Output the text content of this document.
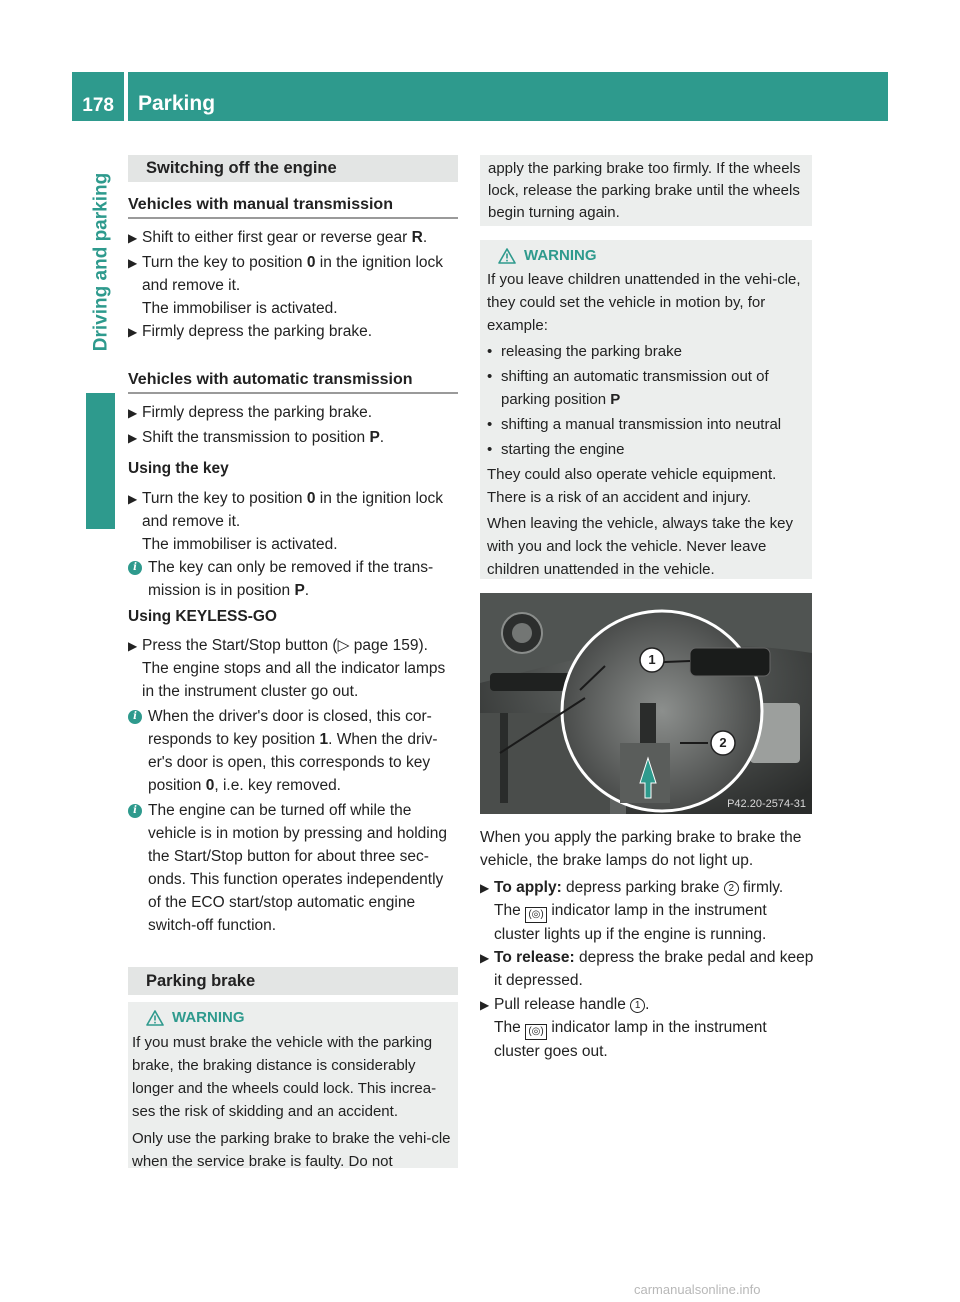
178	Parking
Driving and parking
Switching off the engine
Vehicles with manual transmission
▶ Shift to either first gear or reverse gear R.
▶ Turn the key to position 0 in the ignition lock and remove it.
The immobiliser is activated.
▶ Firmly depress the parking brake.
Vehicles with automatic transmission
▶ Firmly depress the parking brake.
▶ Shift the transmission to position P.
Using the key
▶ Turn the key to position 0 in the ignition lock and remove it.
The immobiliser is activated.
i The key can only be removed if the trans-mission is in position P.
Using KEYLESS-GO
▶ Press the Start/Stop button (▷ page 159).
The engine stops and all the indicator lamps in the instrument cluster go out.
i When the driver's door is closed, this cor-responds to key position 1. When the driv-er's door is open, this corresponds to key position 0, i.e. key removed.
i The engine can be turned off while the vehicle is in motion by pressing and holding the Start/Stop button for about three sec-onds. This function operates independently of the ECO start/stop automatic engine switch-off function.
Parking brake
WARNING
If you must brake the vehicle with the parking brake, the braking distance is considerably longer and the wheels could lock. This increa-ses the risk of skidding and an accident.
Only use the parking brake to brake the vehi-cle when the service brake is faulty. Do not
apply the parking brake too firmly. If the wheels lock, release the parking brake until the wheels begin turning again.
WARNING
If you leave children unattended in the vehi-cle, they could set the vehicle in motion by, for example:
• releasing the parking brake
• shifting an automatic transmission out of parking position P
• shifting a manual transmission into neutral
• starting the engine
They could also operate vehicle equipment. There is a risk of an accident and injury.
When leaving the vehicle, always take the key with you and lock the vehicle. Never leave children unattended in the vehicle.
1
2
P42.20-2574-31
When you apply the parking brake to brake the vehicle, the brake lamps do not light up.
▶ To apply: depress parking brake 2 firmly.
The (◎) indicator lamp in the instrument cluster lights up if the engine is running.
▶ To release: depress the brake pedal and keep it depressed.
▶ Pull release handle 1 .
The (◎) indicator lamp in the instrument cluster goes out.
carmanualsonline.info
